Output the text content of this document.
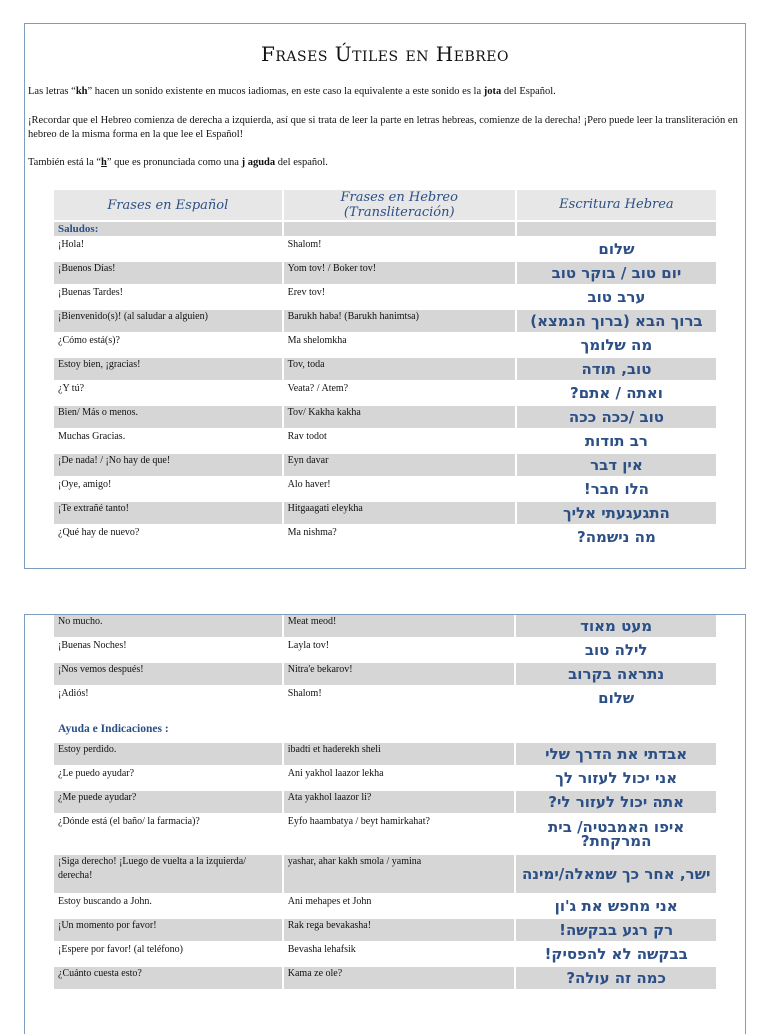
Frases Útiles en Hebreo
Las letras “kh” hacen un sonido existente en mucos iadiomas, en este caso la equivalente a este sonido es la jota del Español.
¡Recordar que el Hebreo comienza de derecha a izquierda, así que si trata de leer la parte en letras hebreas, comienze de la derecha! ¡Pero puede leer la transliteración en hebreo de la misma forma en la que lee el Español!
También está la “h” que es pronunciada como una j aguda del español.
Frases en Español	Frases en Hebreo (Transliteración)	Escritura Hebrea
Saludos:		
¡Hola!	Shalom!	שלום
¡Buenos Días!	Yom tov! / Boker tov!	יום טוב / בוקר טוב
¡Buenas Tardes!	Erev tov!	ערב טוב
¡Bienvenido(s)! (al saludar a alguien)	Barukh haba! (Barukh hanimtsa)	ברוך הבא (ברוך הנמצא)
¿Cómo está(s)?	Ma shelomkha	מה שלומך
Estoy bien, ¡gracias!	Tov, toda	טוב, תודה
¿Y tú?	Veata? / Atem?	ואתה / אתם?
Bien/ Más o menos.	Tov/ Kakha kakha	טוב /ככה ככה
Muchas Gracias.	Rav todot	רב תודות
¡De nada! / ¡No hay de que!	Eyn davar	אין דבר
¡Oye, amigo!	Alo haver!	הלו חבר!
¡Te extrañé tanto!	Hitgaagati eleykha	התגעגעתי אליך
¿Qué hay de nuevo?	Ma nishma?	מה נישמה?
No mucho.	Meat meod!	מעט מאוד
¡Buenas Noches!	Layla tov!	לילה טוב
¡Nos vemos después!	Nitra'e bekarov!	נתראה בקרוב
¡Adiós!	Shalom!	שלום

Ayuda e Indicaciones :		
Estoy perdido.	ibadti et haderekh sheli	אבדתי את הדרך שלי
¿Le puedo ayudar?	Ani yakhol laazor lekha	אני יכול לעזור לך
¿Me puede ayudar?	Ata yakhol laazor li?	אתה יכול לעזור לי?
¿Dónde está (el baño/ la farmacia)?	Eyfo haambatya / beyt hamirkahat?	איפו האמבטיה/ בית המרקחת?
¡Siga derecho! ¡Luego de vuelta a la izquierda/ derecha!	yashar, ahar kakh smola / yamina	ישר, אחר כך שמאלה/ימינה
Estoy buscando a John.	Ani mehapes et John	אני מחפש את ג'ון
¡Un momento por favor!	Rak rega bevakasha!	רק רגע בבקשה!
¡Espere por favor! (al teléfono)	Bevasha lehafsik	בבקשה לא להפסיק!
¿Cuánto cuesta esto?	Kama ze ole?	כמה זה עולה?
